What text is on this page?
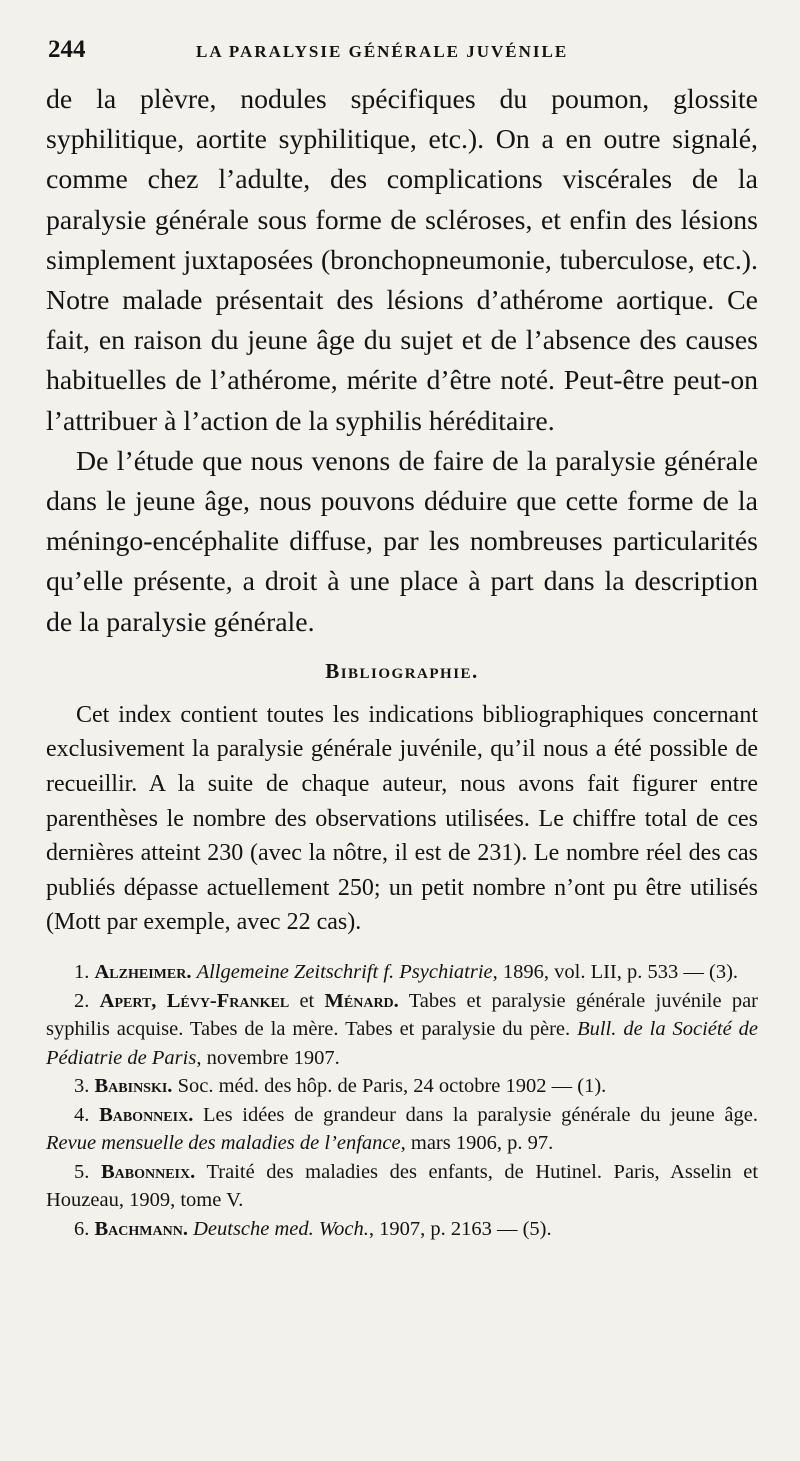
244	LA PARALYSIE GÉNÉRALE JUVÉNILE

de la plèvre, nodules spécifiques du poumon, glossite syphilitique, aortite syphilitique, etc.). On a en outre signalé, comme chez l’adulte, des complications viscérales de la paralysie générale sous forme de scléroses, et enfin des lésions simplement juxtaposées (bronchopneumonie, tuberculose, etc.). Notre malade présentait des lésions d’athérome aortique. Ce fait, en raison du jeune âge du sujet et de l’absence des causes habituelles de l’athérome, mérite d’être noté. Peut-être peut-on l’attribuer à l’action de la syphilis héréditaire.

De l’étude que nous venons de faire de la paralysie générale dans le jeune âge, nous pouvons déduire que cette forme de la méningo-encéphalite diffuse, par les nombreuses particularités qu’elle présente, a droit à une place à part dans la description de la paralysie générale.

Bibliographie.

Cet index contient toutes les indications bibliographiques concernant exclusivement la paralysie générale juvénile, qu’il nous a été possible de recueillir. A la suite de chaque auteur, nous avons fait figurer entre parenthèses le nombre des observations utilisées. Le chiffre total de ces dernières atteint 230 (avec la nôtre, il est de 231). Le nombre réel des cas publiés dépasse actuellement 250; un petit nombre n’ont pu être utilisés (Mott par exemple, avec 22 cas).

1. Alzheimer. Allgemeine Zeitschrift f. Psychiatrie, 1896, vol. LII, p. 533 — (3).
2. Apert, Lévy-Frankel et Ménard. Tabes et paralysie générale juvénile par syphilis acquise. Tabes de la mère. Tabes et paralysie du père. Bull. de la Société de Pédiatrie de Paris, novembre 1907.
3. Babinski. Soc. méd. des hôp. de Paris, 24 octobre 1902 — (1).
4. Babonneix. Les idées de grandeur dans la paralysie générale du jeune âge. Revue mensuelle des maladies de l’enfance, mars 1906, p. 97.
5. Babonneix. Traité des maladies des enfants, de Hutinel. Paris, Asselin et Houzeau, 1909, tome V.
6. Bachmann. Deutsche med. Woch., 1907, p. 2163 — (5).
